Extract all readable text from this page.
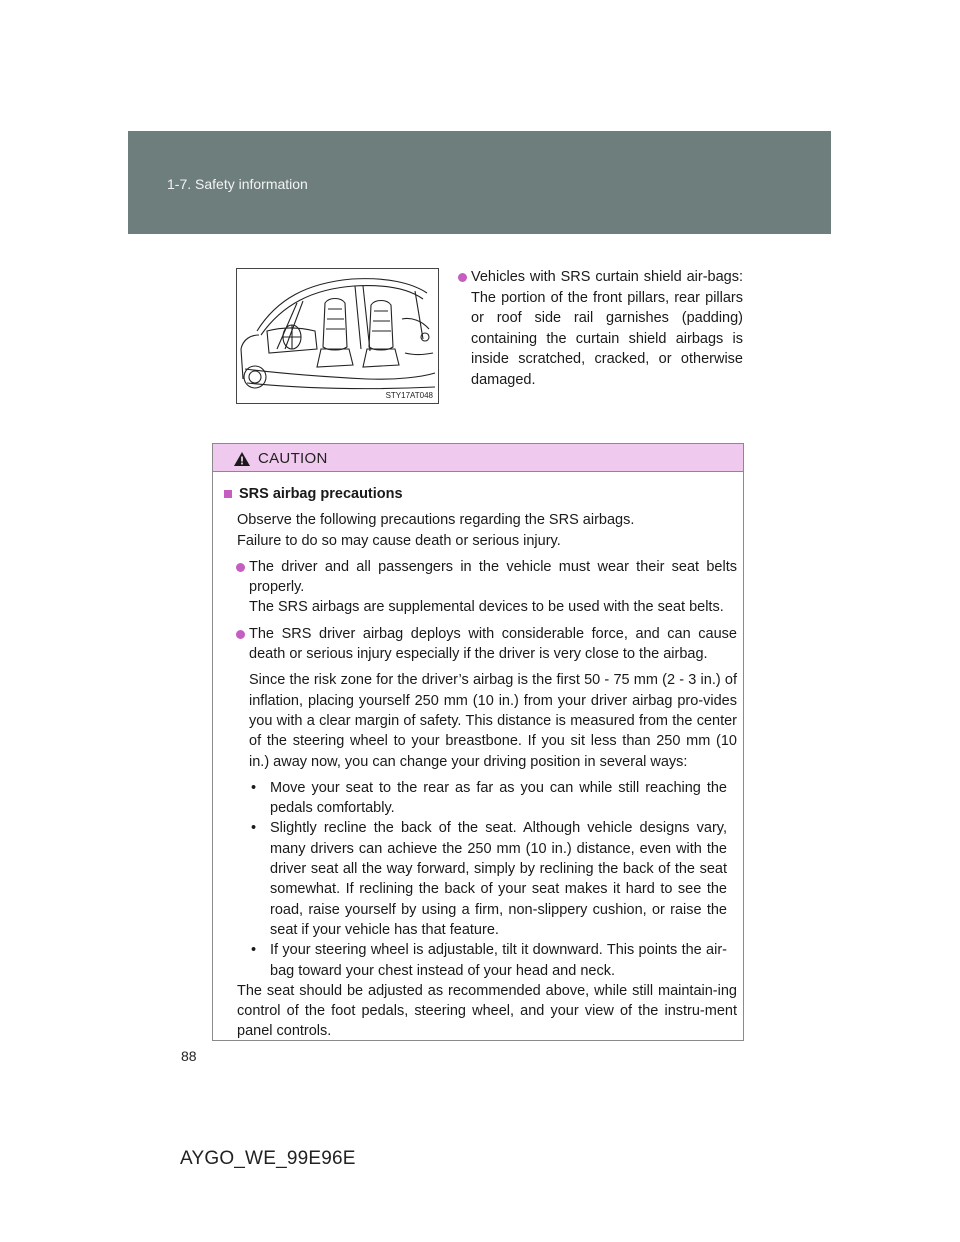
1-7. Safety information
STY17AT048
Vehicles with SRS curtain shield air-bags: The portion of the front pillars, rear pillars or roof side rail garnishes (padding) containing the curtain shield airbags is inside scratched, cracked, or otherwise damaged.
CAUTION
SRS airbag precautions
Observe the following precautions regarding the SRS airbags.
Failure to do so may cause death or serious injury.
The driver and all passengers in the vehicle must wear their seat belts properly.
The SRS airbags are supplemental devices to be used with the seat belts.
The SRS driver airbag deploys with considerable force, and can cause death or serious injury especially if the driver is very close to the airbag.
Since the risk zone for the driver’s airbag is the first 50 - 75 mm (2 - 3 in.) of inflation, placing yourself 250 mm (10 in.) from your driver airbag pro-vides you with a clear margin of safety. This distance is measured from the center of the steering wheel to your breastbone. If you sit less than 250 mm (10 in.) away now, you can change your driving position in several ways:
• Move your seat to the rear as far as you can while still reaching the pedals comfortably.
• Slightly recline the back of the seat. Although vehicle designs vary, many drivers can achieve the 250 mm (10 in.) distance, even with the driver seat all the way forward, simply by reclining the back of the seat somewhat. If reclining the back of your seat makes it hard to see the road, raise yourself by using a firm, non-slippery cushion, or raise the seat if your vehicle has that feature.
• If your steering wheel is adjustable, tilt it downward. This points the air-bag toward your chest instead of your head and neck.
The seat should be adjusted as recommended above, while still maintain-ing control of the foot pedals, steering wheel, and your view of the instru-ment panel controls.
88
AYGO_WE_99E96E
